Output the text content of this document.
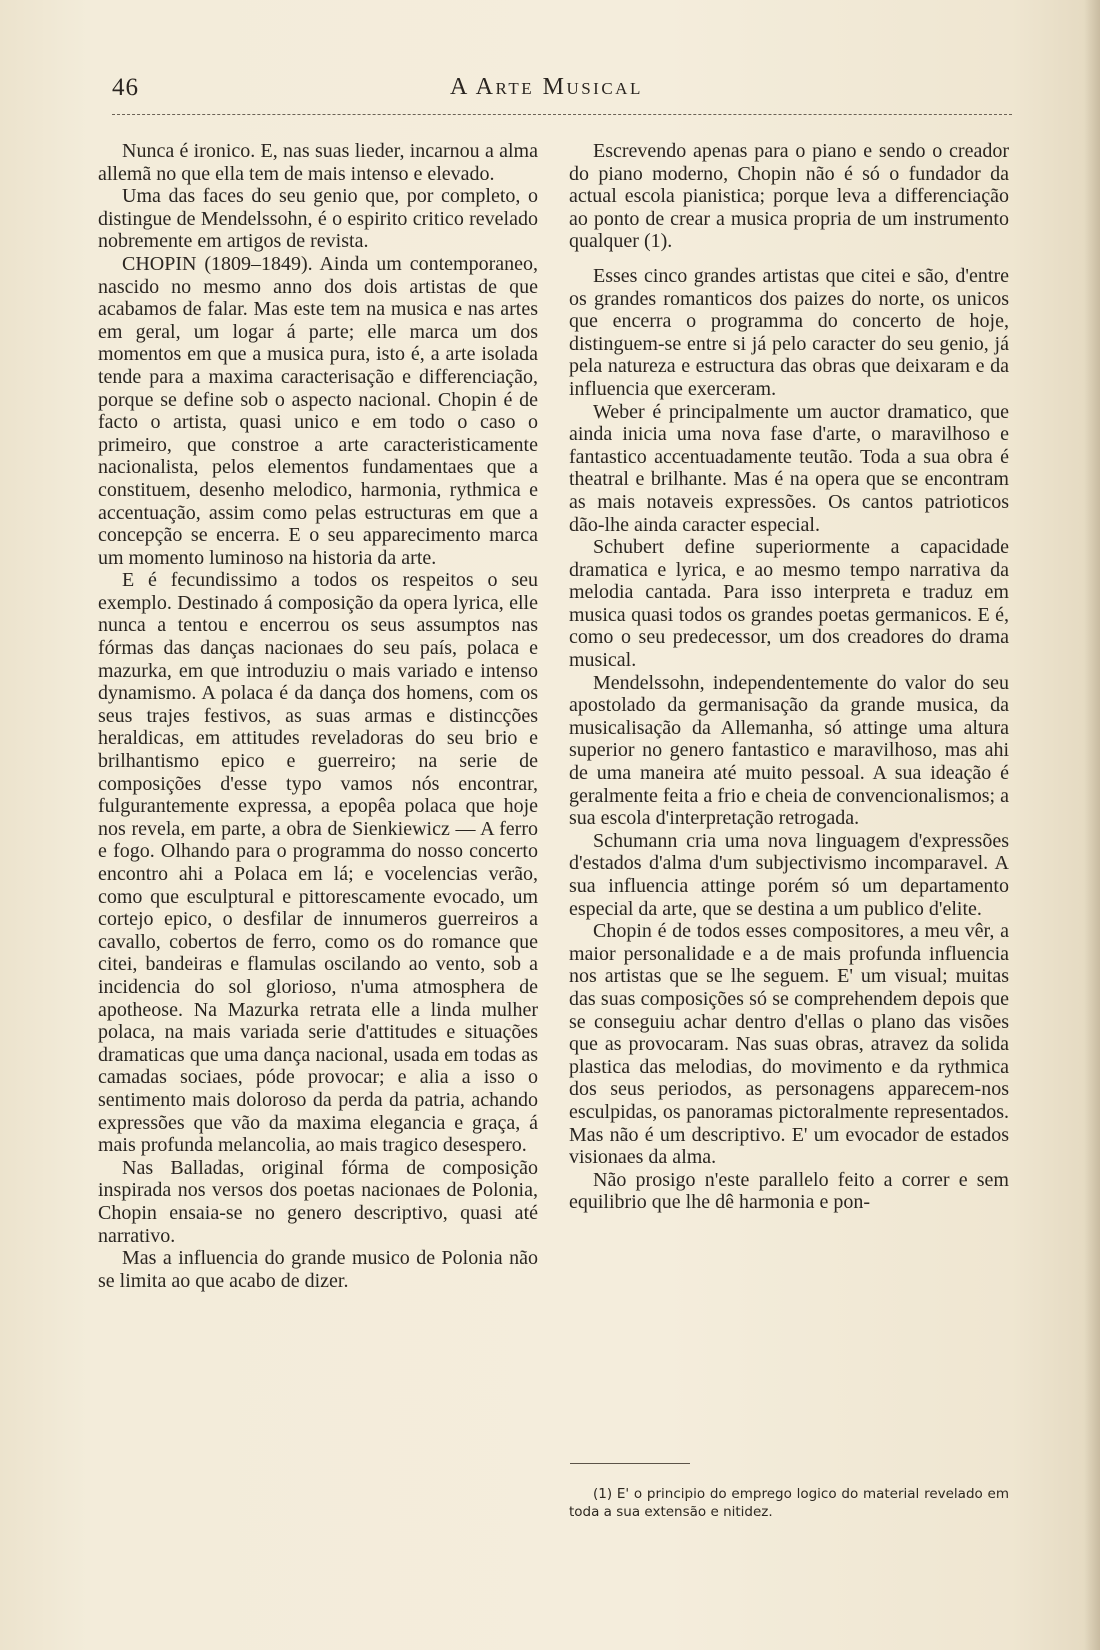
46	A Arte Musical

Nunca é ironico. E, nas suas lieder, incarnou a alma allemã no que ella tem de mais intenso e elevado.

Uma das faces do seu genio que, por completo, o distingue de Mendelssohn, é o espirito critico revelado nobremente em artigos de revista.

CHOPIN (1809–1849). Ainda um contemporaneo, nascido no mesmo anno dos dois artistas de que acabamos de falar. Mas este tem na musica e nas artes em geral, um logar á parte; elle marca um dos momentos em que a musica pura, isto é, a arte isolada tende para a maxima caracterisação e differenciação, porque se define sob o aspecto nacional. Chopin é de facto o artista, quasi unico e em todo o caso o primeiro, que constroe a arte caracteristicamente nacionalista, pelos elementos fundamentaes que a constituem, desenho melodico, harmonia, rythmica e accentuação, assim como pelas estructuras em que a concepção se encerra. E o seu apparecimento marca um momento luminoso na historia da arte.

E é fecundissimo a todos os respeitos o seu exemplo. Destinado á composição da opera lyrica, elle nunca a tentou e encerrou os seus assumptos nas fórmas das danças nacionaes do seu país, polaca e mazurka, em que introduziu o mais variado e intenso dynamismo. A polaca é da dança dos homens, com os seus trajes festivos, as suas armas e distincções heraldicas, em attitudes reveladoras do seu brio e brilhantismo epico e guerreiro; na serie de composições d'esse typo vamos nós encontrar, fulgurantemente expressa, a epopêa polaca que hoje nos revela, em parte, a obra de Sienkiewicz — A ferro e fogo. Olhando para o programma do nosso concerto encontro ahi a Polaca em lá; e vocelencias verão, como que esculptural e pittorescamente evocado, um cortejo epico, o desfilar de innumeros guerreiros a cavallo, cobertos de ferro, como os do romance que citei, bandeiras e flamulas oscilando ao vento, sob a incidencia do sol glorioso, n'uma atmosphera de apotheose. Na Mazurka retrata elle a linda mulher polaca, na mais variada serie d'attitudes e situações dramaticas que uma dança nacional, usada em todas as camadas sociaes, póde provocar; e alia a isso o sentimento mais doloroso da perda da patria, achando expressões que vão da maxima elegancia e graça, á mais profunda melancolia, ao mais tragico desespero.

Nas Balladas, original fórma de composição inspirada nos versos dos poetas nacionaes de Polonia, Chopin ensaia-se no genero descriptivo, quasi até narrativo.

Mas a influencia do grande musico de Polonia não se limita ao que acabo de dizer.

Escrevendo apenas para o piano e sendo o creador do piano moderno, Chopin não é só o fundador da actual escola pianistica; porque leva a differenciação ao ponto de crear a musica propria de um instrumento qualquer (1).

Esses cinco grandes artistas que citei e são, d'entre os grandes romanticos dos paizes do norte, os unicos que encerra o programma do concerto de hoje, distinguem-se entre si já pelo caracter do seu genio, já pela natureza e estructura das obras que deixaram e da influencia que exerceram.

Weber é principalmente um auctor dramatico, que ainda inicia uma nova fase d'arte, o maravilhoso e fantastico accentuadamente teutão. Toda a sua obra é theatral e brilhante. Mas é na opera que se encontram as mais notaveis expressões. Os cantos patrioticos dão-lhe ainda caracter especial.

Schubert define superiormente a capacidade dramatica e lyrica, e ao mesmo tempo narrativa da melodia cantada. Para isso interpreta e traduz em musica quasi todos os grandes poetas germanicos. E é, como o seu predecessor, um dos creadores do drama musical.

Mendelssohn, independentemente do valor do seu apostolado da germanisação da grande musica, da musicalisação da Allemanha, só attinge uma altura superior no genero fantastico e maravilhoso, mas ahi de uma maneira até muito pessoal. A sua ideação é geralmente feita a frio e cheia de convencionalismos; a sua escola d'interpretação retrogada.

Schumann cria uma nova linguagem d'expressões d'estados d'alma d'um subjectivismo incomparavel. A sua influencia attinge porém só um departamento especial da arte, que se destina a um publico d'elite.

Chopin é de todos esses compositores, a meu vêr, a maior personalidade e a de mais profunda influencia nos artistas que se lhe seguem. E' um visual; muitas das suas composições só se comprehendem depois que se conseguiu achar dentro d'ellas o plano das visões que as provocaram. Nas suas obras, atravez da solida plastica das melodias, do movimento e da rythmica dos seus periodos, as personagens apparecem-nos esculpidas, os panoramas pictoralmente representados. Mas não é um descriptivo. E' um evocador de estados visionaes da alma.

Não prosigo n'este parallelo feito a correr e sem equilibrio que lhe dê harmonia e pon-

(1) E' o principio do emprego logico do material revelado em toda a sua extensão e nitidez.
